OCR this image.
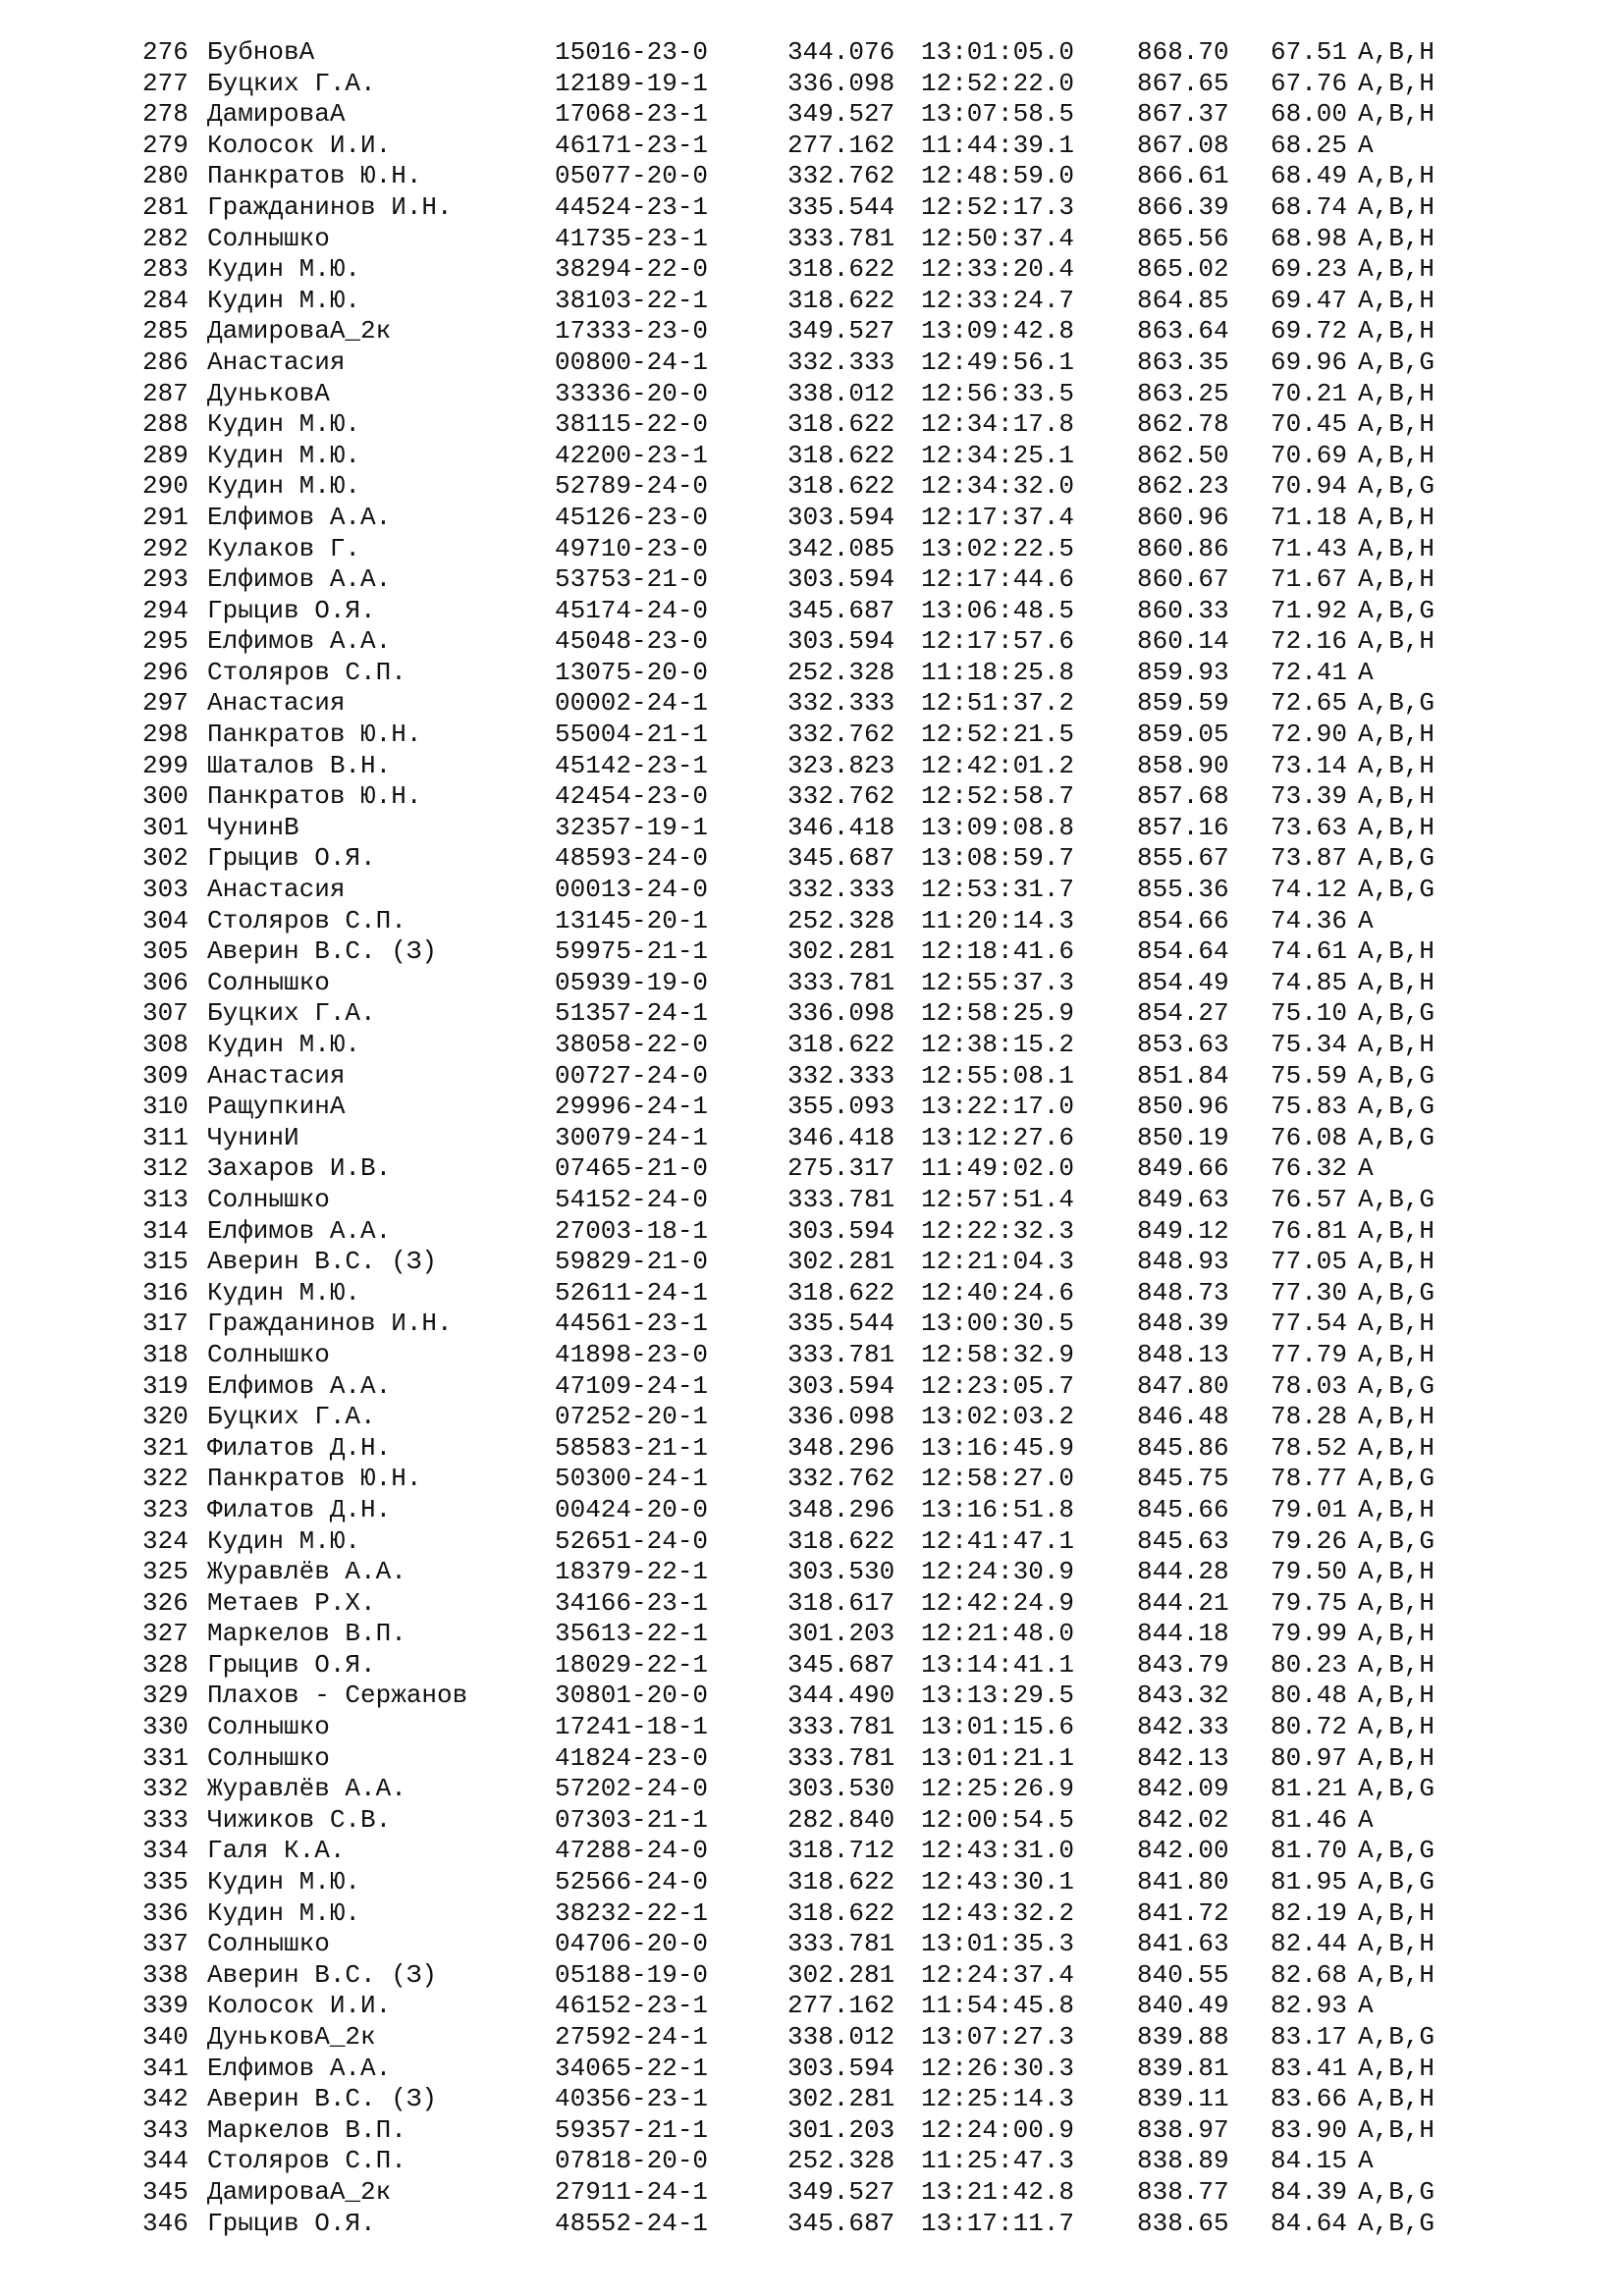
276 БубновА	15016-23-0	344.076 13:01:05.0 868.70 67.51 A,B,H
277 Буцких Г.А.	12189-19-1	336.098 12:52:22.0 867.65 67.76 A,B,H
278 ДамироваА	17068-23-1	349.527 13:07:58.5 867.37 68.00 A,B,H
279 Колосок И.И.	46171-23-1	277.162 11:44:39.1 867.08 68.25 A
280 Панкратов Ю.Н.	05077-20-0	332.762 12:48:59.0 866.61 68.49 A,B,H
281 Гражданинов И.Н.	44524-23-1	335.544 12:52:17.3 866.39 68.74 A,B,H
282 Солнышко	41735-23-1	333.781 12:50:37.4 865.56 68.98 A,B,H
283 Кудин М.Ю.	38294-22-0	318.622 12:33:20.4 865.02 69.23 A,B,H
284 Кудин М.Ю.	38103-22-1	318.622 12:33:24.7 864.85 69.47 A,B,H
285 ДамироваА_2к	17333-23-0	349.527 13:09:42.8 863.64 69.72 A,B,H
286 Анастасия	00800-24-1	332.333 12:49:56.1 863.35 69.96 A,B,G
287 ДуньковА	33336-20-0	338.012 12:56:33.5 863.25 70.21 A,B,H
288 Кудин М.Ю.	38115-22-0	318.622 12:34:17.8 862.78 70.45 A,B,H
289 Кудин М.Ю.	42200-23-1	318.622 12:34:25.1 862.50 70.69 A,B,H
290 Кудин М.Ю.	52789-24-0	318.622 12:34:32.0 862.23 70.94 A,B,G
291 Елфимов А.А.	45126-23-0	303.594 12:17:37.4 860.96 71.18 A,B,H
292 Кулаков Г.	49710-23-0	342.085 13:02:22.5 860.86 71.43 A,B,H
293 Елфимов А.А.	53753-21-0	303.594 12:17:44.6 860.67 71.67 A,B,H
294 Грыцив О.Я.	45174-24-0	345.687 13:06:48.5 860.33 71.92 A,B,G
295 Елфимов А.А.	45048-23-0	303.594 12:17:57.6 860.14 72.16 A,B,H
296 Столяров С.П.	13075-20-0	252.328 11:18:25.8 859.93 72.41 A
297 Анастасия	00002-24-1	332.333 12:51:37.2 859.59 72.65 A,B,G
298 Панкратов Ю.Н.	55004-21-1	332.762 12:52:21.5 859.05 72.90 A,B,H
299 Шаталов В.Н.	45142-23-1	323.823 12:42:01.2 858.90 73.14 A,B,H
300 Панкратов Ю.Н.	42454-23-0	332.762 12:52:58.7 857.68 73.39 A,B,H
301 ЧунинВ	32357-19-1	346.418 13:09:08.8 857.16 73.63 A,B,H
302 Грыцив О.Я.	48593-24-0	345.687 13:08:59.7 855.67 73.87 A,B,G
303 Анастасия	00013-24-0	332.333 12:53:31.7 855.36 74.12 A,B,G
304 Столяров С.П.	13145-20-1	252.328 11:20:14.3 854.66 74.36 A
305 Аверин В.С. (З)	59975-21-1	302.281 12:18:41.6 854.64 74.61 A,B,H
306 Солнышко	05939-19-0	333.781 12:55:37.3 854.49 74.85 A,B,H
307 Буцких Г.А.	51357-24-1	336.098 12:58:25.9 854.27 75.10 A,B,G
308 Кудин М.Ю.	38058-22-0	318.622 12:38:15.2 853.63 75.34 A,B,H
309 Анастасия	00727-24-0	332.333 12:55:08.1 851.84 75.59 A,B,G
310 РащупкинА	29996-24-1	355.093 13:22:17.0 850.96 75.83 A,B,G
311 ЧунинИ	30079-24-1	346.418 13:12:27.6 850.19 76.08 A,B,G
312 Захаров И.В.	07465-21-0	275.317 11:49:02.0 849.66 76.32 A
313 Солнышко	54152-24-0	333.781 12:57:51.4 849.63 76.57 A,B,G
314 Елфимов А.А.	27003-18-1	303.594 12:22:32.3 849.12 76.81 A,B,H
315 Аверин В.С. (З)	59829-21-0	302.281 12:21:04.3 848.93 77.05 A,B,H
316 Кудин М.Ю.	52611-24-1	318.622 12:40:24.6 848.73 77.30 A,B,G
317 Гражданинов И.Н.	44561-23-1	335.544 13:00:30.5 848.39 77.54 A,B,H
318 Солнышко	41898-23-0	333.781 12:58:32.9 848.13 77.79 A,B,H
319 Елфимов А.А.	47109-24-1	303.594 12:23:05.7 847.80 78.03 A,B,G
320 Буцких Г.А.	07252-20-1	336.098 13:02:03.2 846.48 78.28 A,B,H
321 Филатов Д.Н.	58583-21-1	348.296 13:16:45.9 845.86 78.52 A,B,H
322 Панкратов Ю.Н.	50300-24-1	332.762 12:58:27.0 845.75 78.77 A,B,G
323 Филатов Д.Н.	00424-20-0	348.296 13:16:51.8 845.66 79.01 A,B,H
324 Кудин М.Ю.	52651-24-0	318.622 12:41:47.1 845.63 79.26 A,B,G
325 Журавлёв А.А.	18379-22-1	303.530 12:24:30.9 844.28 79.50 A,B,H
326 Метаев Р.Х.	34166-23-1	318.617 12:42:24.9 844.21 79.75 A,B,H
327 Маркелов В.П.	35613-22-1	301.203 12:21:48.0 844.18 79.99 A,B,H
328 Грыцив О.Я.	18029-22-1	345.687 13:14:41.1 843.79 80.23 A,B,H
329 Плахов - Сержанов	30801-20-0	344.490 13:13:29.5 843.32 80.48 A,B,H
330 Солнышко	17241-18-1	333.781 13:01:15.6 842.33 80.72 A,B,H
331 Солнышко	41824-23-0	333.781 13:01:21.1 842.13 80.97 A,B,H
332 Журавлёв А.А.	57202-24-0	303.530 12:25:26.9 842.09 81.21 A,B,G
333 Чижиков С.В.	07303-21-1	282.840 12:00:54.5 842.02 81.46 A
334 Галя К.А.	47288-24-0	318.712 12:43:31.0 842.00 81.70 A,B,G
335 Кудин М.Ю.	52566-24-0	318.622 12:43:30.1 841.80 81.95 A,B,G
336 Кудин М.Ю.	38232-22-1	318.622 12:43:32.2 841.72 82.19 A,B,H
337 Солнышко	04706-20-0	333.781 13:01:35.3 841.63 82.44 A,B,H
338 Аверин В.С. (З)	05188-19-0	302.281 12:24:37.4 840.55 82.68 A,B,H
339 Колосок И.И.	46152-23-1	277.162 11:54:45.8 840.49 82.93 A
340 ДуньковА_2к	27592-24-1	338.012 13:07:27.3 839.88 83.17 A,B,G
341 Елфимов А.А.	34065-22-1	303.594 12:26:30.3 839.81 83.41 A,B,H
342 Аверин В.С. (З)	40356-23-1	302.281 12:25:14.3 839.11 83.66 A,B,H
343 Маркелов В.П.	59357-21-1	301.203 12:24:00.9 838.97 83.90 A,B,H
344 Столяров С.П.	07818-20-0	252.328 11:25:47.3 838.89 84.15 A
345 ДамироваА_2к	27911-24-1	349.527 13:21:42.8 838.77 84.39 A,B,G
346 Грыцив О.Я.	48552-24-1	345.687 13:17:11.7 838.65 84.64 A,B,G
